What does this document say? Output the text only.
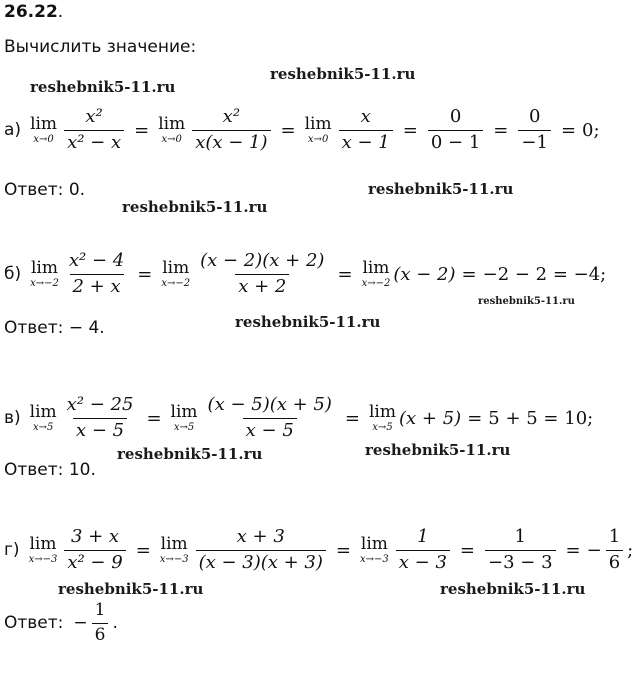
26.22.
Вычислить значение:
reshebnik5-11.ru
reshebnik5-11.ru
reshebnik5-11.ru
reshebnik5-11.ru
reshebnik5-11.ru
reshebnik5-11.ru
reshebnik5-11.ru	reshebnik5-11.ru
reshebnik5-11.ru	reshebnik5-11.ru
а) lim
$x\to 0 \frac{\text{x²}}{\text{x² − x}} = \lim$
$x\to 0 \frac{\text{x²}}{x(x - 1)} = \lim$
$x\to 0 \frac{x}{x - 1} = \frac{0}{0 - 1} = \frac{0}{-1} = 0$;
Ответ: 0.
б) lim
$x\to-2 \frac{\text{x² − 4}}{2 + x} = \lim$
$x\to-2 \frac{(x - 2)(x + 2)}{x + 2} = \lim$
x→−2 (x − 2) = −2 − 2 = −4;
Ответ: − 4.
в) lim
$x\to 5 \frac{\text{x² − 25}}{x - 5} = \lim$
$x\to 5 \frac{(x - 5)(x + 5)}{x - 5} = \lim$
x→5 (x + 5) = 5 + 5 = 10;
Ответ: 10.
г) lim
$x\to-3 \frac{3 + x}{\text{x² − 9}} = \lim$
$x\to-3 \frac{x + 3}{(x - 3)(x + 3)} = \lim$
$x\to-3 \frac{1}{x - 3} = \frac{1}{-3 - 3}$ = − $\frac{1}{6}$ ;
Ответ: − $\frac{1}{6}$ .
